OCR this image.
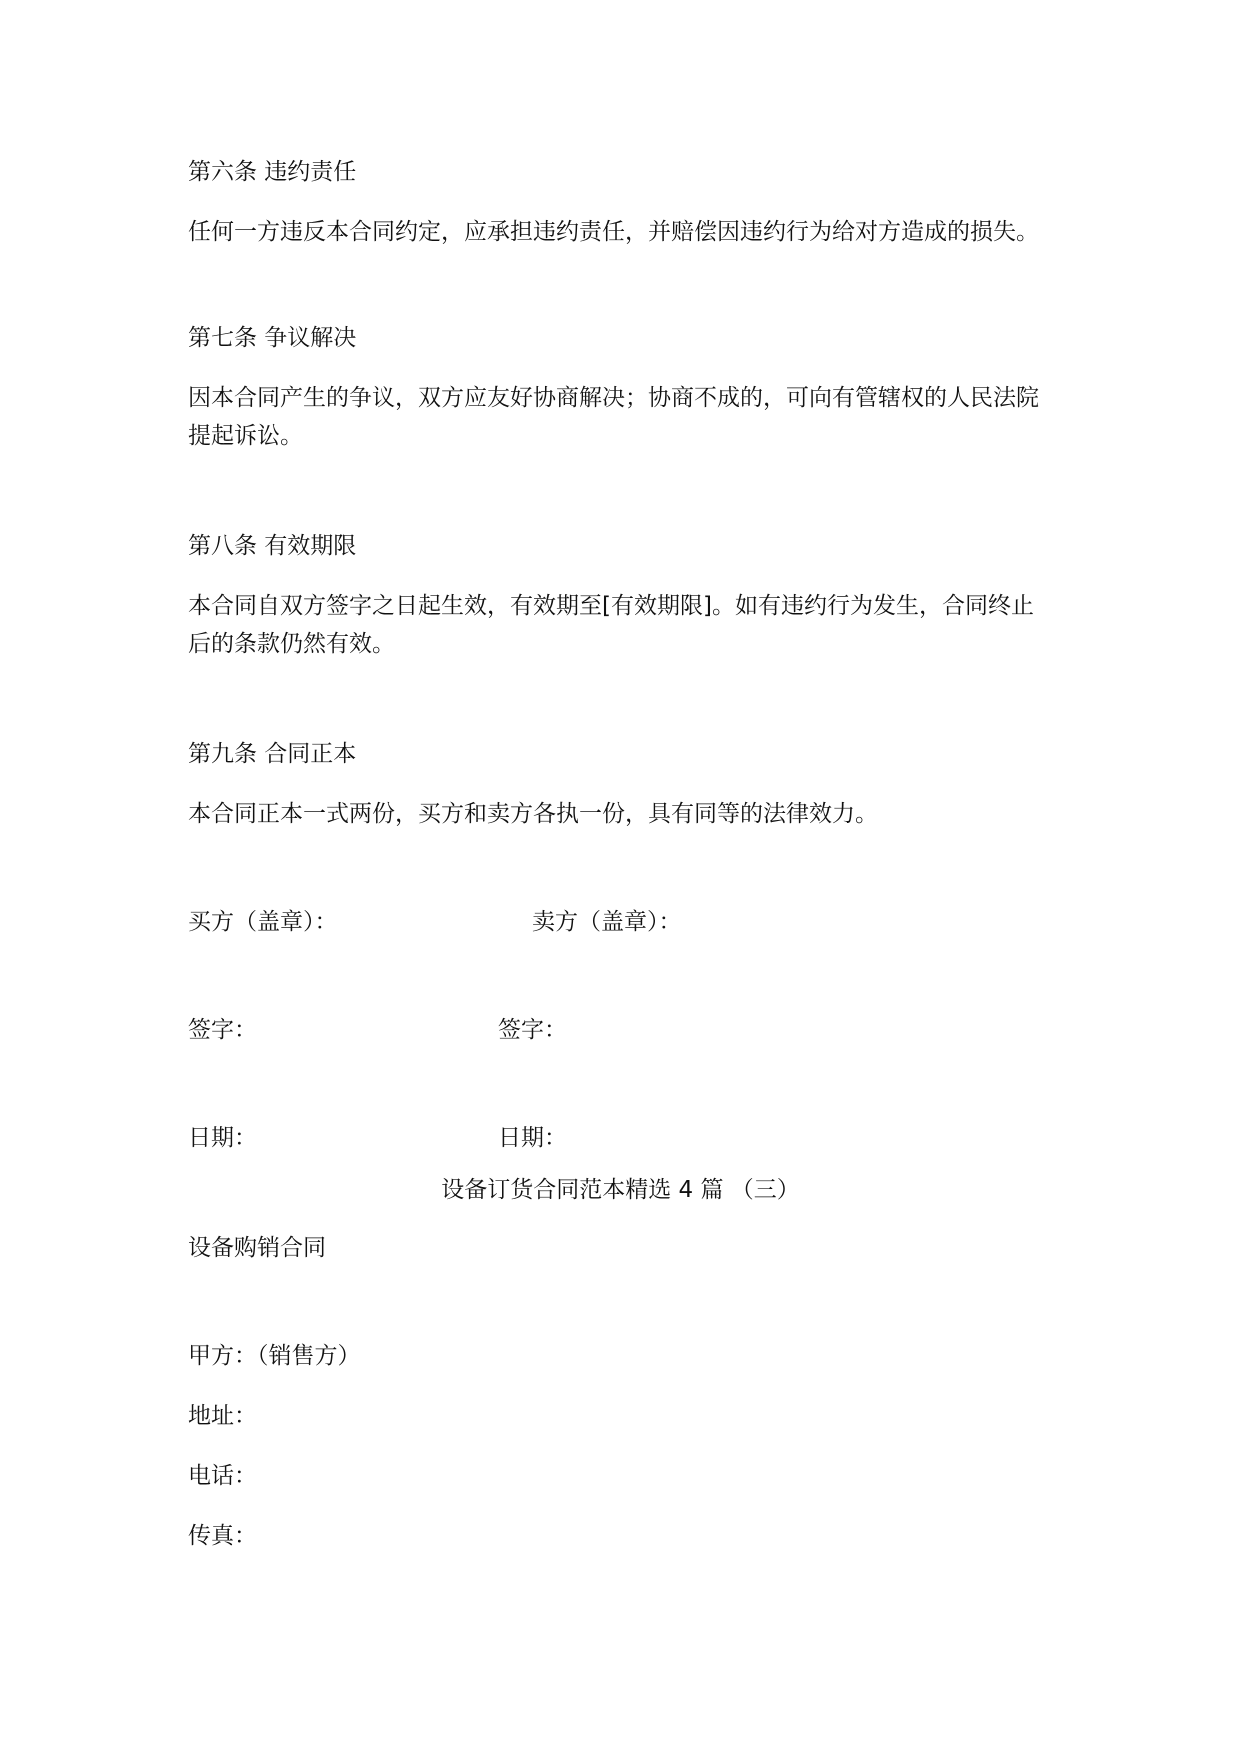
第六条 违约责任
任何一方违反本合同约定，应承担违约责任，并赔偿因违约行为给对方造成的损失。
第七条 争议解决
因本合同产生的争议，双方应友好协商解决；协商不成的，可向有管辖权的人民法院
提起诉讼。
第八条 有效期限
本合同自双方签字之日起生效，有效期至[有效期限]。如有违约行为发生，合同终止
后的条款仍然有效。
第九条 合同正本
本合同正本一式两份，买方和卖方各执一份，具有同等的法律效力。
买方（盖章）：	卖方（盖章）：
签字：	签字：
日期：	日期：
设备订货合同范本精选 4 篇 （三）
设备购销合同
甲方：（销售方）
地址：
电话：
传真：
